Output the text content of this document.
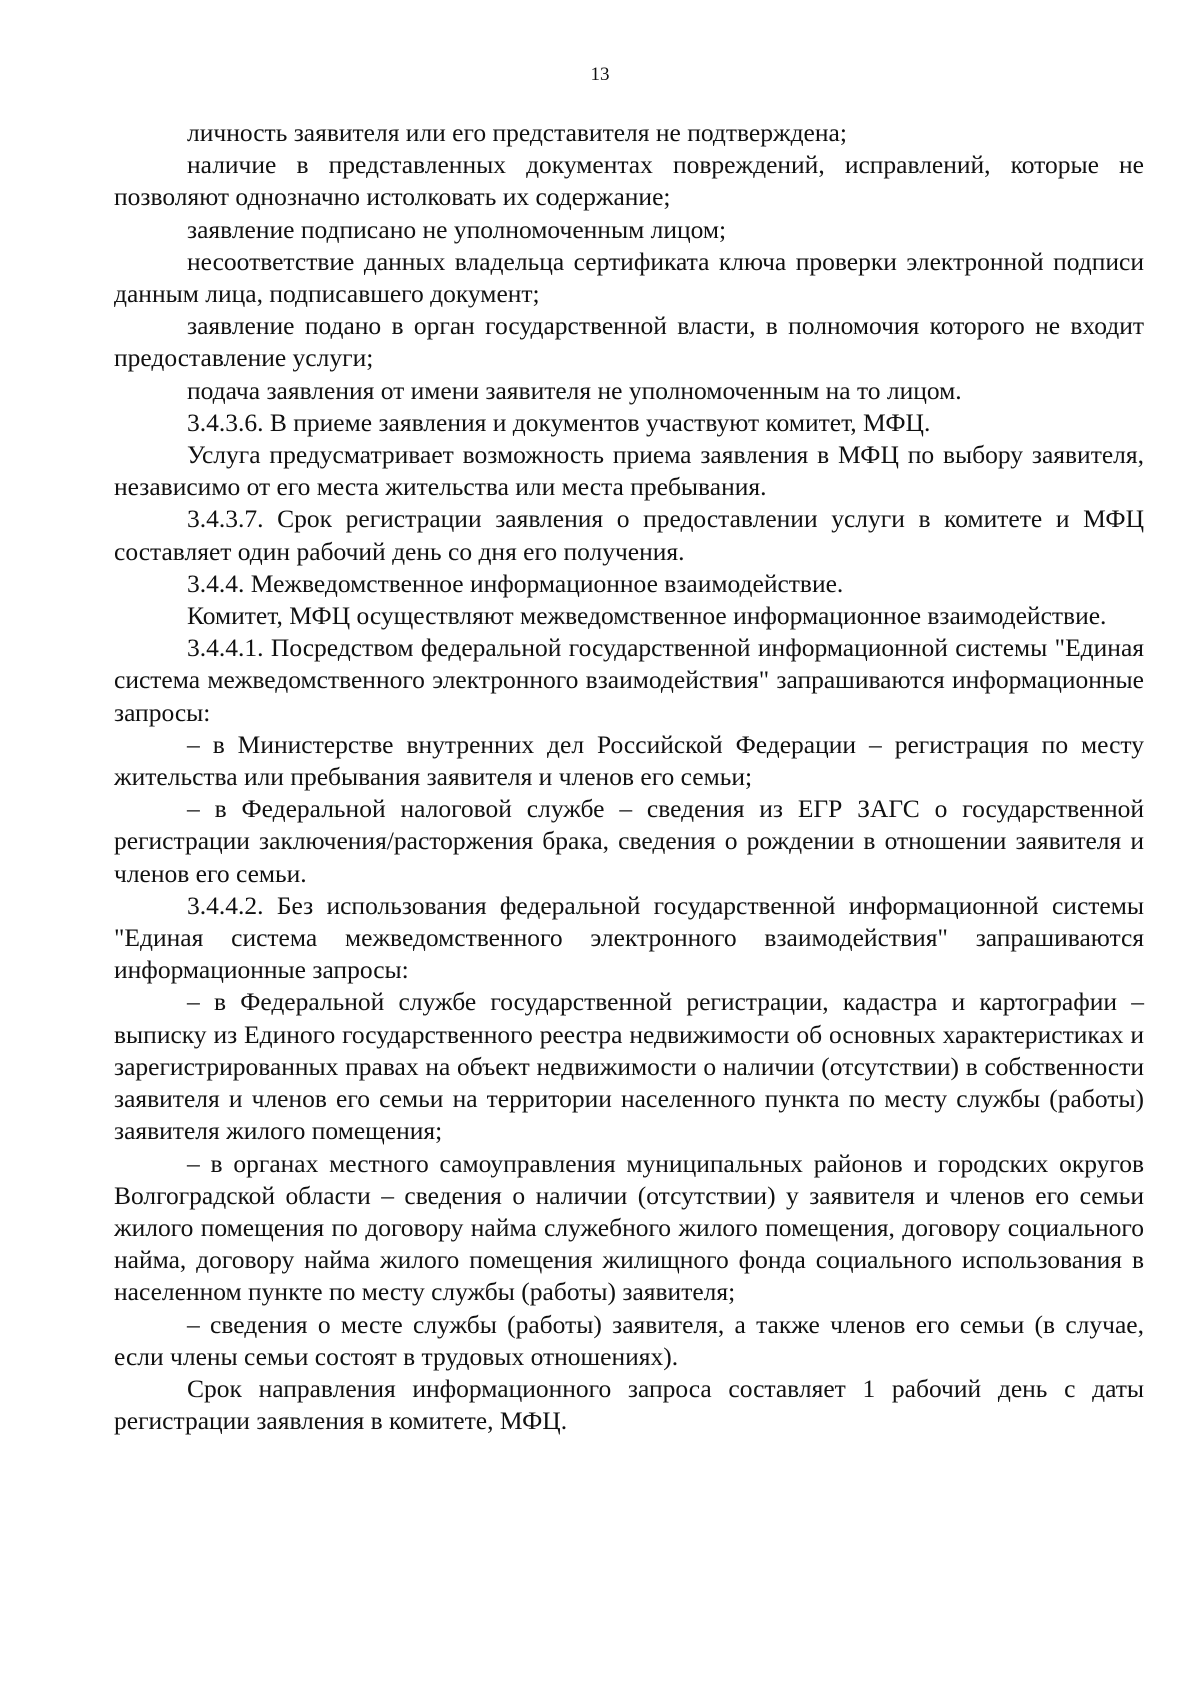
13

личность заявителя или его представителя не подтверждена;

наличие в представленных документах повреждений, исправлений, которые не позволяют однозначно истолковать их содержание;

заявление подписано не уполномоченным лицом;

несоответствие данных владельца сертификата ключа проверки электронной подписи данным лица, подписавшего документ;

заявление подано в орган государственной власти, в полномочия которого не входит предоставление услуги;

подача заявления от имени заявителя не уполномоченным на то лицом.

3.4.3.6. В приеме заявления и документов участвуют комитет, МФЦ.

Услуга предусматривает возможность приема заявления в МФЦ по выбору заявителя, независимо от его места жительства или места пребывания.

3.4.3.7. Срок регистрации заявления о предоставлении услуги в комитете и МФЦ составляет один рабочий день со дня его получения.

3.4.4. Межведомственное информационное взаимодействие.

Комитет, МФЦ осуществляют межведомственное информационное взаимодействие.

3.4.4.1. Посредством федеральной государственной информационной системы "Единая система межведомственного электронного взаимодействия" запрашиваются информационные запросы:

– в Министерстве внутренних дел Российской Федерации – регистрация по месту жительства или пребывания заявителя и членов его семьи;

– в Федеральной налоговой службе – сведения из ЕГР ЗАГС о государственной регистрации заключения/расторжения брака, сведения о рождении в отношении заявителя и членов его семьи.

3.4.4.2. Без использования федеральной государственной информационной системы "Единая система межведомственного электронного взаимодействия" запрашиваются информационные запросы:

– в Федеральной службе государственной регистрации, кадастра и картографии – выписку из Единого государственного реестра недвижимости об основных характеристиках и зарегистрированных правах на объект недвижимости о наличии (отсутствии) в собственности заявителя и членов его семьи на территории населенного пункта по месту службы (работы) заявителя жилого помещения;

– в органах местного самоуправления муниципальных районов и городских округов Волгоградской области – сведения о наличии (отсутствии) у заявителя и членов его семьи жилого помещения по договору найма служебного жилого помещения, договору социального найма, договору найма жилого помещения жилищного фонда социального использования в населенном пункте по месту службы (работы) заявителя;

– сведения о месте службы (работы) заявителя, а также членов его семьи (в случае, если члены семьи состоят в трудовых отношениях).

Срок направления информационного запроса составляет 1 рабочий день с даты регистрации заявления в комитете, МФЦ.
